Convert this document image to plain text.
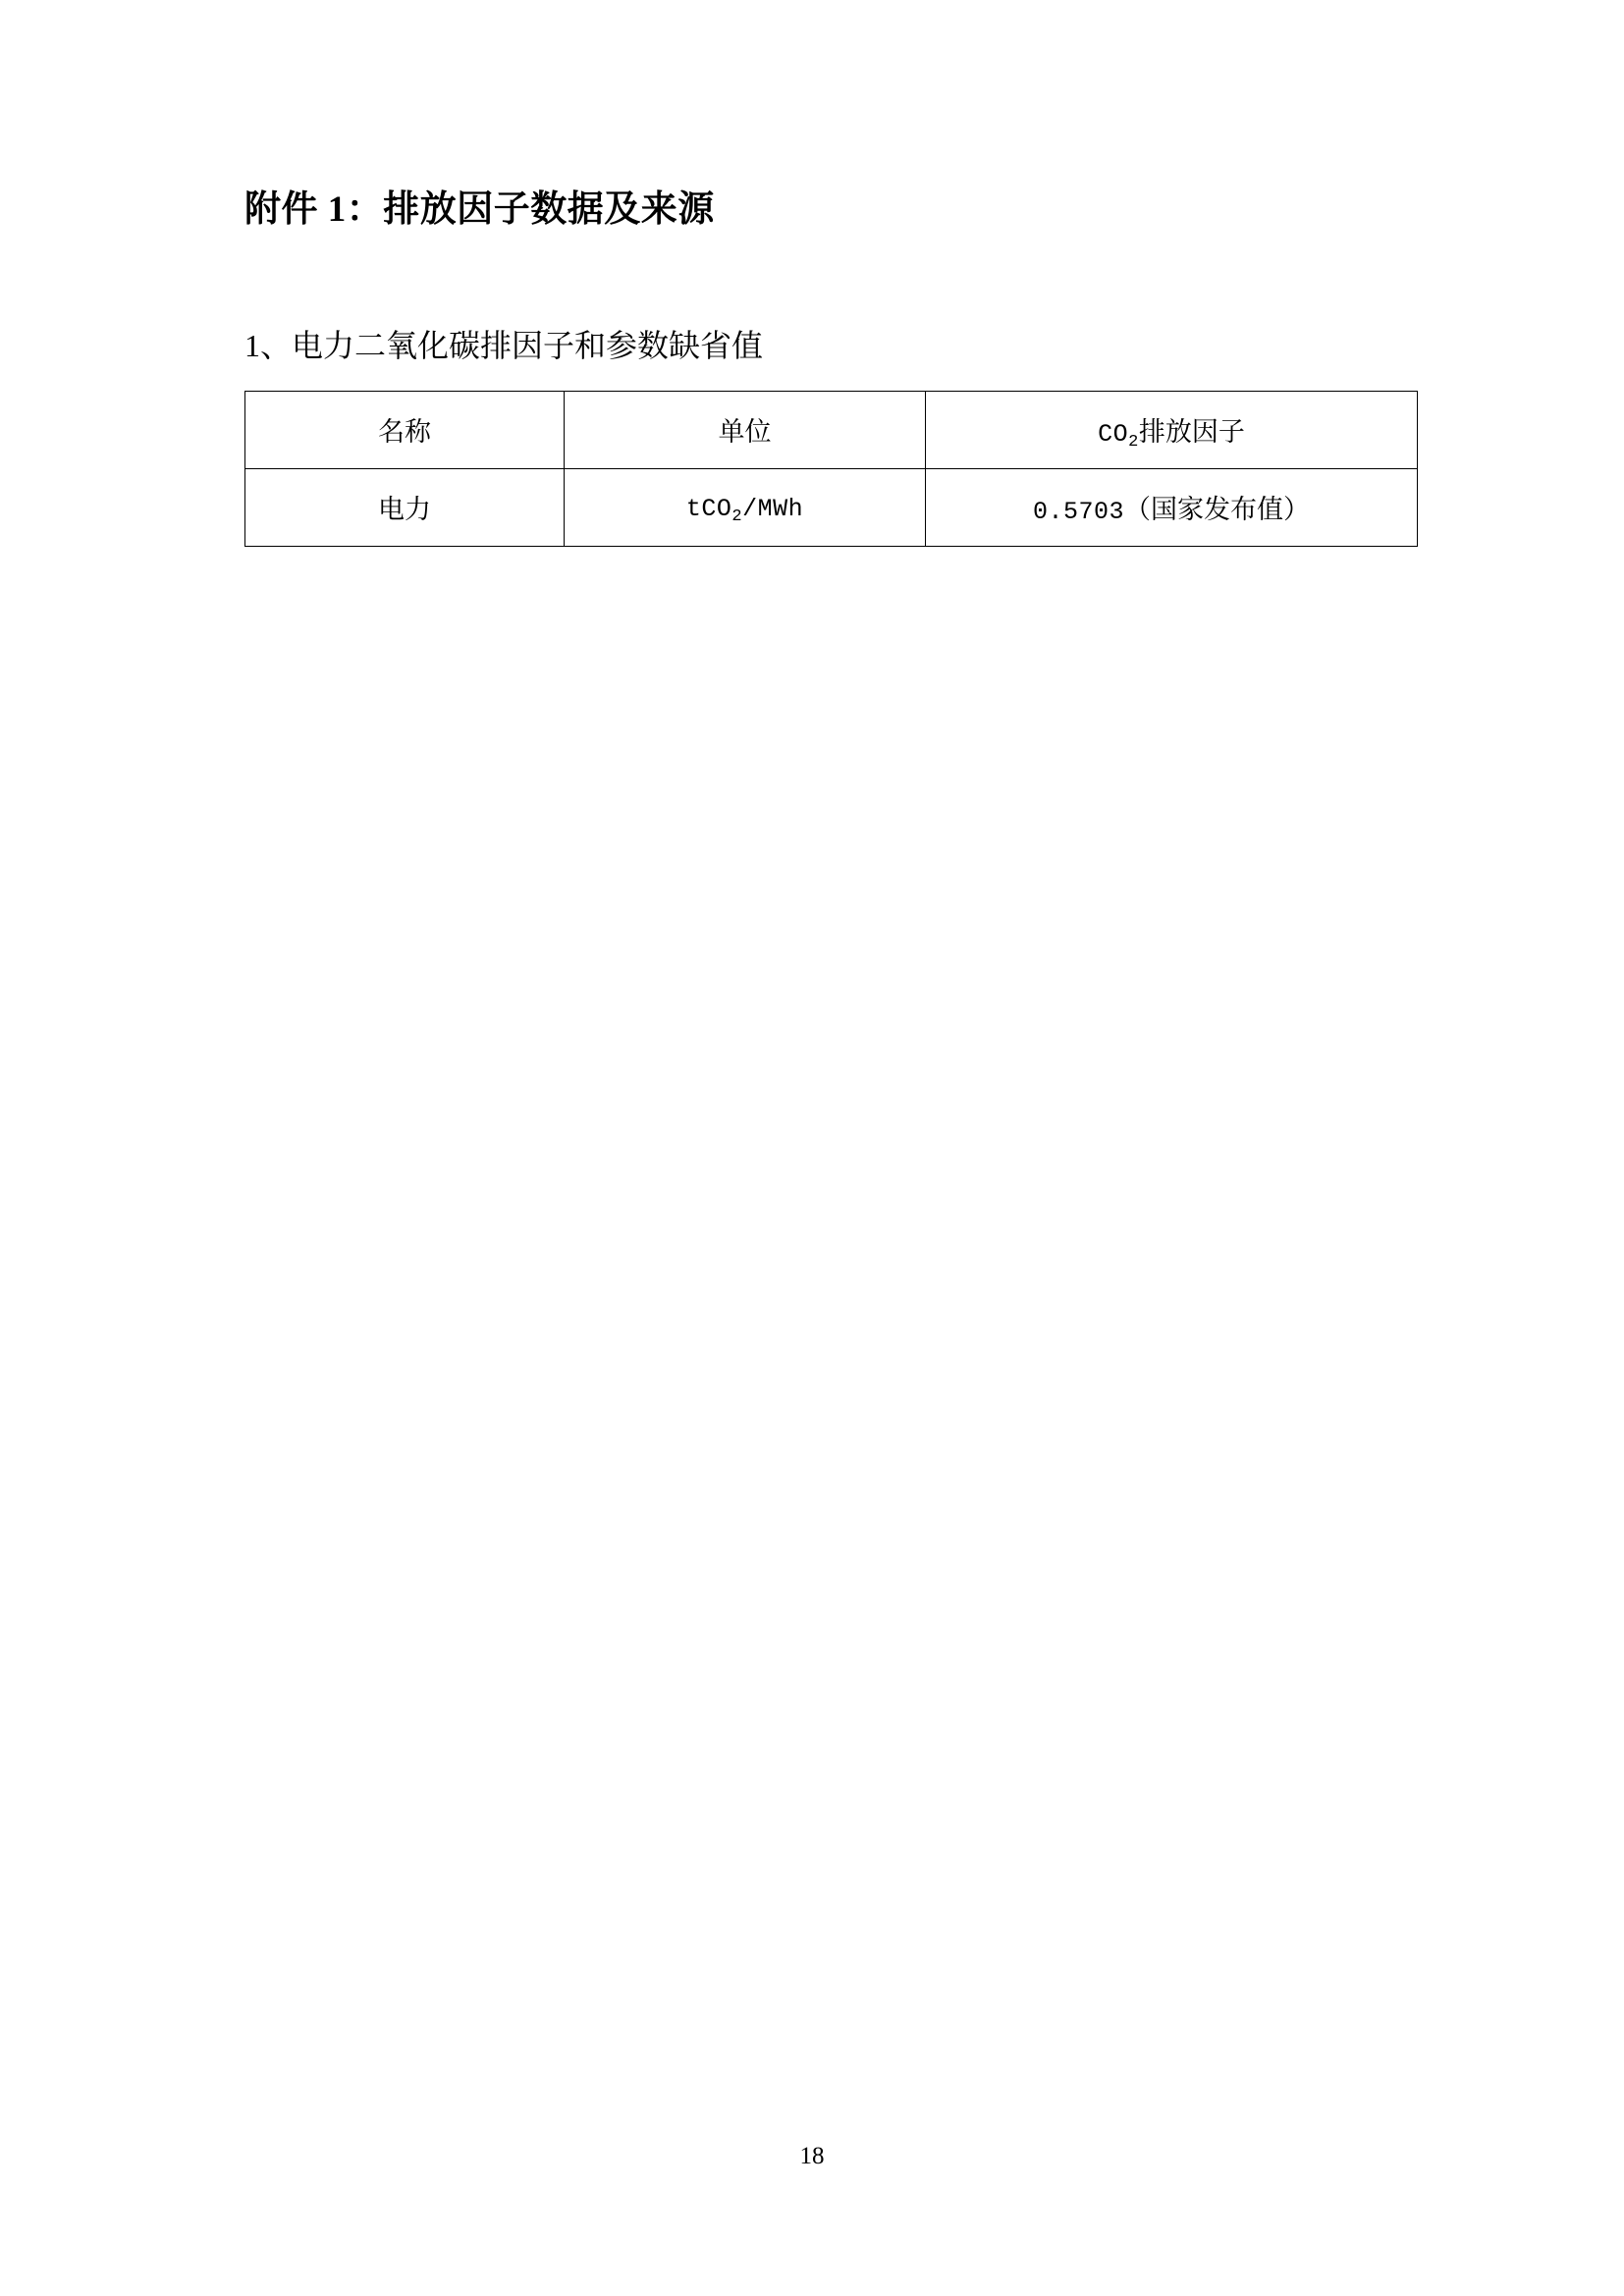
附件 1：排放因子数据及来源
1、电力二氧化碳排因子和参数缺省值
名称	单位	$CO_2$排放因子
电力	tCO$_2$/MWh	0.5703（国家发布值）
18
